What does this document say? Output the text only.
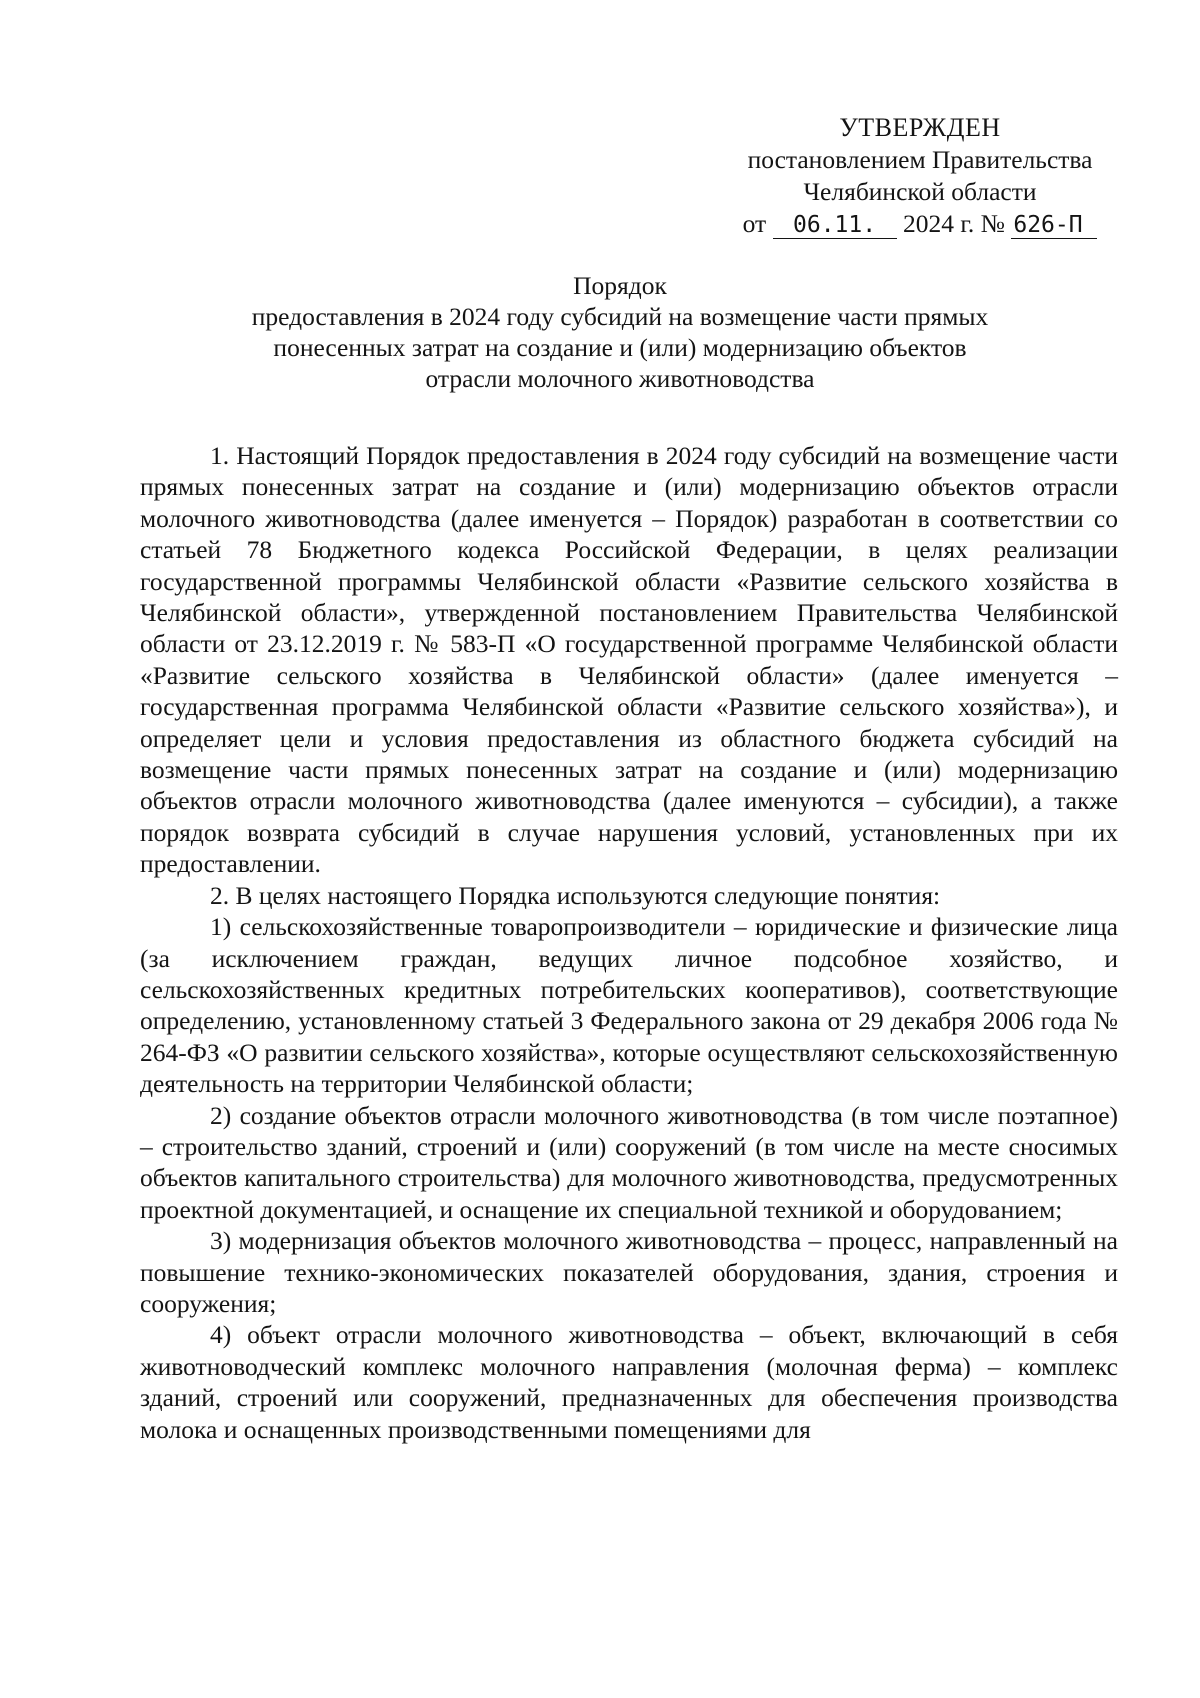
УТВЕРЖДЕН
постановлением Правительства
Челябинской области
от 06.11. 2024 г. № 626-П
Порядок
предоставления в 2024 году субсидий на возмещение части прямых
понесенных затрат на создание и (или) модернизацию объектов
отрасли молочного животноводства

1. Настоящий Порядок предоставления в 2024 году субсидий на возмещение части прямых понесенных затрат на создание и (или) модернизацию объектов отрасли молочного животноводства (далее именуется – Порядок) разработан в соответствии со статьей 78 Бюджетного кодекса Российской Федерации, в целях реализации государственной программы Челябинской области «Развитие сельского хозяйства в Челябинской области», утвержденной постановлением Правительства Челябинской области от 23.12.2019 г. № 583-П «О государственной программе Челябинской области «Развитие сельского хозяйства в Челябинской области» (далее именуется – государственная программа Челябинской области «Развитие сельского хозяйства»), и определяет цели и условия предоставления из областного бюджета субсидий на возмещение части прямых понесенных затрат на создание и (или) модернизацию объектов отрасли молочного животноводства (далее именуются – субсидии), а также порядок возврата субсидий в случае нарушения условий, установленных при их предоставлении.

2. В целях настоящего Порядка используются следующие понятия:

1) сельскохозяйственные товаропроизводители – юридические и физические лица (за исключением граждан, ведущих личное подсобное хозяйство, и сельскохозяйственных кредитных потребительских кооперативов), соответствующие определению, установленному статьей 3 Федерального закона от 29 декабря 2006 года № 264-ФЗ «О развитии сельского хозяйства», которые осуществляют сельскохозяйственную деятельность на территории Челябинской области;

2) создание объектов отрасли молочного животноводства (в том числе поэтапное) – строительство зданий, строений и (или) сооружений (в том числе на месте сносимых объектов капитального строительства) для молочного животноводства, предусмотренных проектной документацией, и оснащение их специальной техникой и оборудованием;

3) модернизация объектов молочного животноводства – процесс, направленный на повышение технико-экономических показателей оборудования, здания, строения и сооружения;

4) объект отрасли молочного животноводства – объект, включающий в себя животноводческий комплекс молочного направления (молочная ферма) – комплекс зданий, строений или сооружений, предназначенных для обеспечения производства молока и оснащенных производственными помещениями для
